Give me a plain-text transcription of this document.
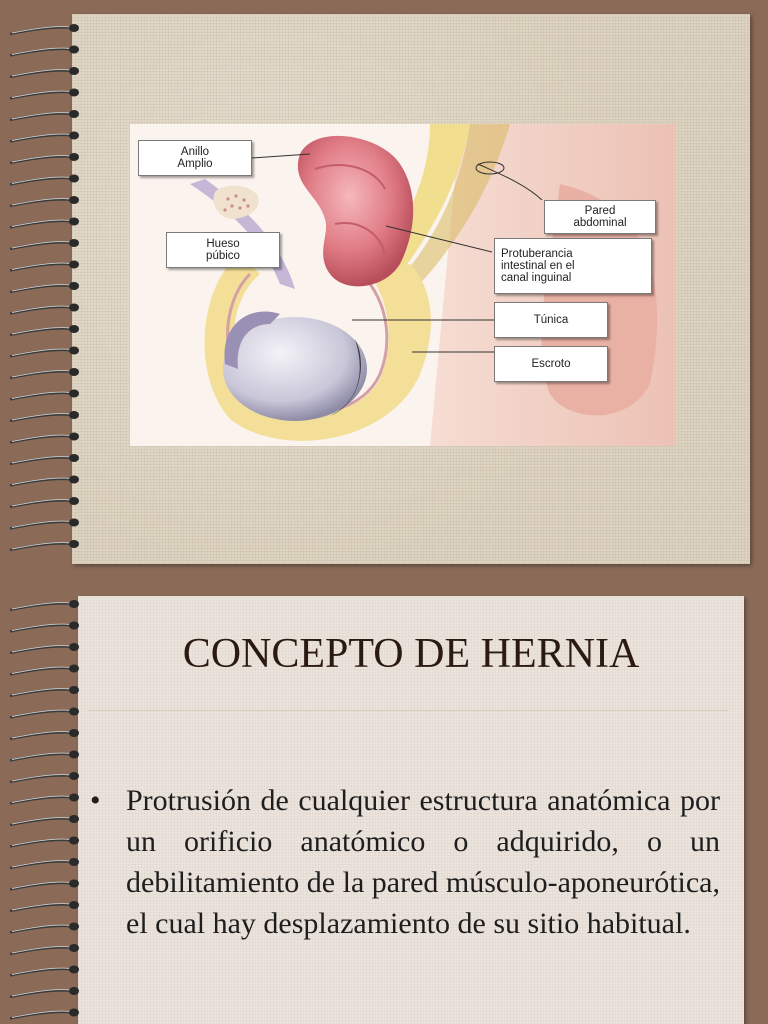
Anillo
Amplio
Hueso
púbico
Pared
abdominal
Protuberancia
intestinal en el
canal inguinal
Túnica
Escroto
CONCEPTO DE HERNIA
• Protrusión de cualquier estructura anatómica por un orificio anatómico o adquirido, o un debilitamiento de la pared músculo-aponeurótica, el cual hay desplazamiento de su sitio habitual.
